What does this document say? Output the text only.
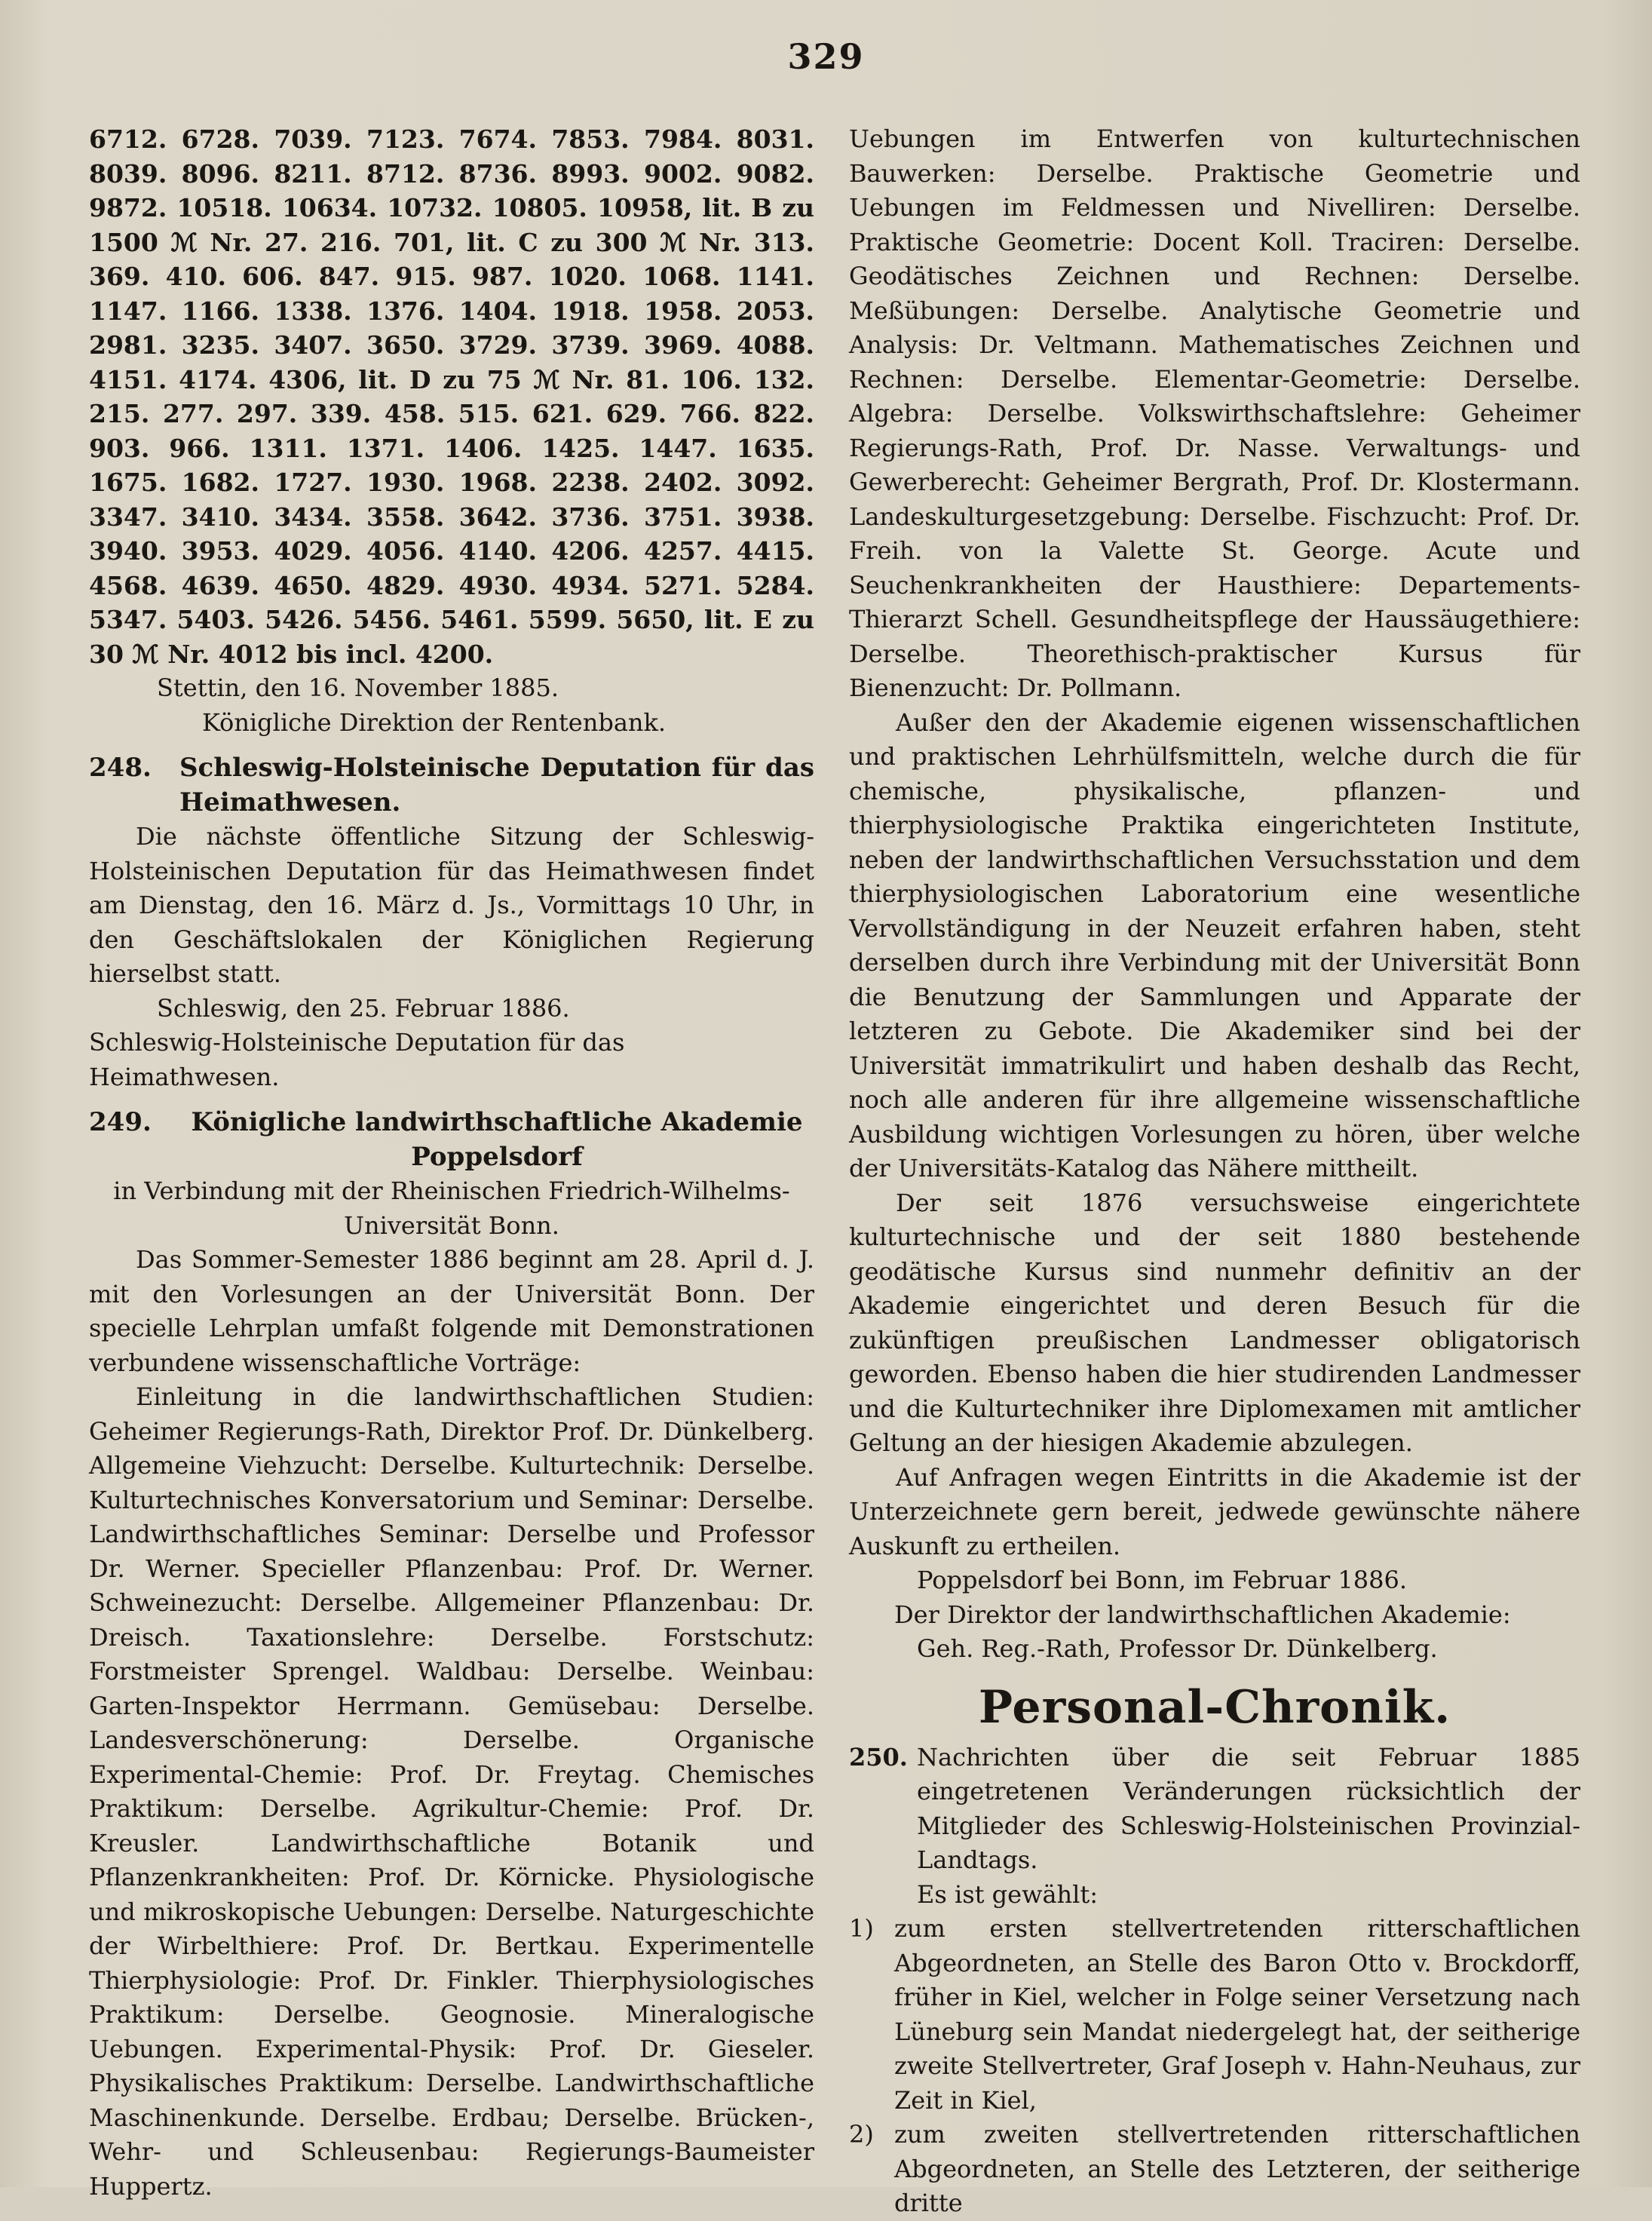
329

6712. 6728. 7039. 7123. 7674. 7853. 7984. 8031. 8039. 8096. 8211. 8712. 8736. 8993. 9002. 9082. 9872. 10518. 10634. 10732. 10805. 10958, lit. B zu 1500 ℳ Nr. 27. 216. 701, lit. C zu 300 ℳ Nr. 313. 369. 410. 606. 847. 915. 987. 1020. 1068. 1141. 1147. 1166. 1338. 1376. 1404. 1918. 1958. 2053. 2981. 3235. 3407. 3650. 3729. 3739. 3969. 4088. 4151. 4174. 4306, lit. D zu 75 ℳ Nr. 81. 106. 132. 215. 277. 297. 339. 458. 515. 621. 629. 766. 822. 903. 966. 1311. 1371. 1406. 1425. 1447. 1635. 1675. 1682. 1727. 1930. 1968. 2238. 2402. 3092. 3347. 3410. 3434. 3558. 3642. 3736. 3751. 3938. 3940. 3953. 4029. 4056. 4140. 4206. 4257. 4415. 4568. 4639. 4650. 4829. 4930. 4934. 5271. 5284. 5347. 5403. 5426. 5456. 5461. 5599. 5650, lit. E zu 30 ℳ Nr. 4012 bis incl. 4200.

Stettin, den 16. November 1885.

Königliche Direktion der Rentenbank.

248.	Schleswig-Holsteinische Deputation für das Heimathwesen.

Die nächste öffentliche Sitzung der Schleswig-Holsteinischen Deputation für das Heimathwesen findet am Dienstag, den 16. März d. Js., Vormittags 10 Uhr, in den Geschäftslokalen der Königlichen Regierung hierselbst statt.

Schleswig, den 25. Februar 1886.

Schleswig-Holsteinische Deputation für das Heimathwesen.

249.	Königliche landwirthschaftliche Akademie Poppelsdorf

in Verbindung mit der Rheinischen Friedrich-Wilhelms-Universität Bonn.

Das Sommer-Semester 1886 beginnt am 28. April d. J. mit den Vorlesungen an der Universität Bonn. Der specielle Lehrplan umfaßt folgende mit Demonstrationen verbundene wissenschaftliche Vorträge:

Einleitung in die landwirthschaftlichen Studien: Geheimer Regierungs-Rath, Direktor Prof. Dr. Dünkelberg. Allgemeine Viehzucht: Derselbe. Kulturtechnik: Derselbe. Kulturtechnisches Konversatorium und Seminar: Derselbe. Landwirthschaftliches Seminar: Derselbe und Professor Dr. Werner. Specieller Pflanzenbau: Prof. Dr. Werner. Schweinezucht: Derselbe. Allgemeiner Pflanzenbau: Dr. Dreisch. Taxationslehre: Derselbe. Forstschutz: Forstmeister Sprengel. Waldbau: Derselbe. Weinbau: Garten-Inspektor Herrmann. Gemüsebau: Derselbe. Landesverschönerung: Derselbe. Organische Experimental-Chemie: Prof. Dr. Freytag. Chemisches Praktikum: Derselbe. Agrikultur-Chemie: Prof. Dr. Kreusler. Landwirthschaftliche Botanik und Pflanzenkrankheiten: Prof. Dr. Körnicke. Physiologische und mikroskopische Uebungen: Derselbe. Naturgeschichte der Wirbelthiere: Prof. Dr. Bertkau. Experimentelle Thierphysiologie: Prof. Dr. Finkler. Thierphysiologisches Praktikum: Derselbe. Geognosie. Mineralogische Uebungen. Experimental-Physik: Prof. Dr. Gieseler. Physikalisches Praktikum: Derselbe. Landwirthschaftliche Maschinenkunde. Derselbe. Erdbau; Derselbe. Brücken-, Wehr- und Schleusenbau: Regierungs-Baumeister Huppertz.

Uebungen im Entwerfen von kulturtechnischen Bauwerken: Derselbe. Praktische Geometrie und Uebungen im Feldmessen und Nivelliren: Derselbe. Praktische Geometrie: Docent Koll. Traciren: Derselbe. Geodätisches Zeichnen und Rechnen: Derselbe. Meßübungen: Derselbe. Analytische Geometrie und Analysis: Dr. Veltmann. Mathematisches Zeichnen und Rechnen: Derselbe. Elementar-Geometrie: Derselbe. Algebra: Derselbe. Volkswirthschaftslehre: Geheimer Regierungs-Rath, Prof. Dr. Nasse. Verwaltungs- und Gewerberecht: Geheimer Bergrath, Prof. Dr. Klostermann. Landeskulturgesetzgebung: Derselbe. Fischzucht: Prof. Dr. Freih. von la Valette St. George. Acute und Seuchenkrankheiten der Hausthiere: Departements-Thierarzt Schell. Gesundheitspflege der Haussäugethiere: Derselbe. Theorethisch-praktischer Kursus für Bienenzucht: Dr. Pollmann.

Außer den der Akademie eigenen wissenschaftlichen und praktischen Lehrhülfsmitteln, welche durch die für chemische, physikalische, pflanzen- und thierphysiologische Praktika eingerichteten Institute, neben der landwirthschaftlichen Versuchsstation und dem thierphysiologischen Laboratorium eine wesentliche Vervollständigung in der Neuzeit erfahren haben, steht derselben durch ihre Verbindung mit der Universität Bonn die Benutzung der Sammlungen und Apparate der letzteren zu Gebote. Die Akademiker sind bei der Universität immatrikulirt und haben deshalb das Recht, noch alle anderen für ihre allgemeine wissenschaftliche Ausbildung wichtigen Vorlesungen zu hören, über welche der Universitäts-Katalog das Nähere mittheilt.

Der seit 1876 versuchsweise eingerichtete kulturtechnische und der seit 1880 bestehende geodätische Kursus sind nunmehr definitiv an der Akademie eingerichtet und deren Besuch für die zukünftigen preußischen Landmesser obligatorisch geworden. Ebenso haben die hier studirenden Landmesser und die Kulturtechniker ihre Diplomexamen mit amtlicher Geltung an der hiesigen Akademie abzulegen.

Auf Anfragen wegen Eintritts in die Akademie ist der Unterzeichnete gern bereit, jedwede gewünschte nähere Auskunft zu ertheilen.

Poppelsdorf bei Bonn, im Februar 1886.

Der Direktor der landwirthschaftlichen Akademie:

Geh. Reg.-Rath, Professor Dr. Dünkelberg.

Personal-Chronik.
250. Nachrichten über die seit Februar 1885 eingetretenen Veränderungen rücksichtlich der Mitglieder des Schleswig-Holsteinischen Provinzial-Landtags.

Es ist gewählt:

1) zum ersten stellvertretenden ritterschaftlichen Abgeordneten, an Stelle des Baron Otto v. Brockdorff, früher in Kiel, welcher in Folge seiner Versetzung nach Lüneburg sein Mandat niedergelegt hat, der seitherige zweite Stellvertreter, Graf Joseph v. Hahn-Neuhaus, zur Zeit in Kiel,
2) zum zweiten stellvertretenden ritterschaftlichen Abgeordneten, an Stelle des Letzteren, der seitherige dritte
